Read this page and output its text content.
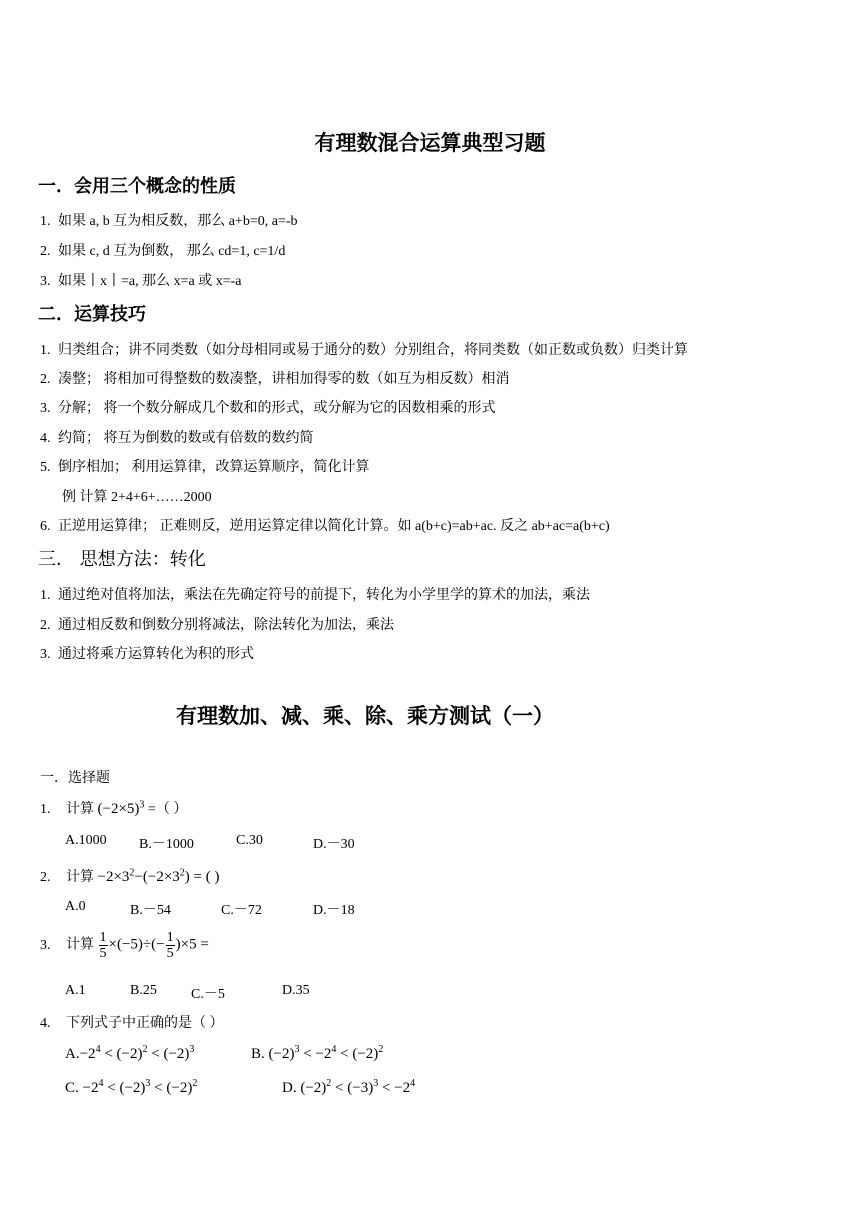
有理数混合运算典型习题
一．会用三个概念的性质
1. 如果 a, b 互为相反数，那么 a+b=0, a=-b
2. 如果 c, d 互为倒数， 那么 cd=1, c=1/d
3. 如果丨x丨=a, 那么 x=a 或 x=-a
二．运算技巧
1. 归类组合；讲不同类数（如分母相同或易于通分的数）分别组合，将同类数（如正数或负数）归类计算
2. 凑整； 将相加可得整数的数凑整，讲相加得零的数（如互为相反数）相消
3. 分解； 将一个数分解成几个数和的形式，或分解为它的因数相乘的形式
4. 约简； 将互为倒数的数或有倍数的数约简
5. 倒序相加； 利用运算律，改算运算顺序，简化计算
例 计算 2+4+6+……2000
6. 正逆用运算律； 正难则反，逆用运算定律以简化计算。如 a(b+c)=ab+ac. 反之 ab+ac=a(b+c)
三． 思想方法：转化
1. 通过绝对值将加法，乘法在先确定符号的前提下，转化为小学里学的算术的加法，乘法
2. 通过相反数和倒数分别将减法，除法转化为加法，乘法
3. 通过将乘方运算转化为积的形式
有理数加、减、乘、除、乘方测试（一）
一．选择题
1. 计算 $(-2\times 5)^3$ =（ ）
A.1000 B.－1000	C.30	D.－30
2. 计算 $-2\times 3^2-(-2\times 3^2)$ = ( )
A.0	B.－54	C.－72	D.－18
3. 计算 $\frac{1}{5} \times(-5)\div(- \frac{1}{5} )\times 5$ =
A.1	B.25 C.－5	D.35
4. 下列式子中正确的是（ ）
$A.-2^4 < (-2)^2 < (-2)^3$	B. $(-2)^3 < -2^4 < (-2)^2$
C. $-2^4 < (-2)^3 < (-2)^2$	D. $(-2)^2 < (-3)^3 < -2^4$
